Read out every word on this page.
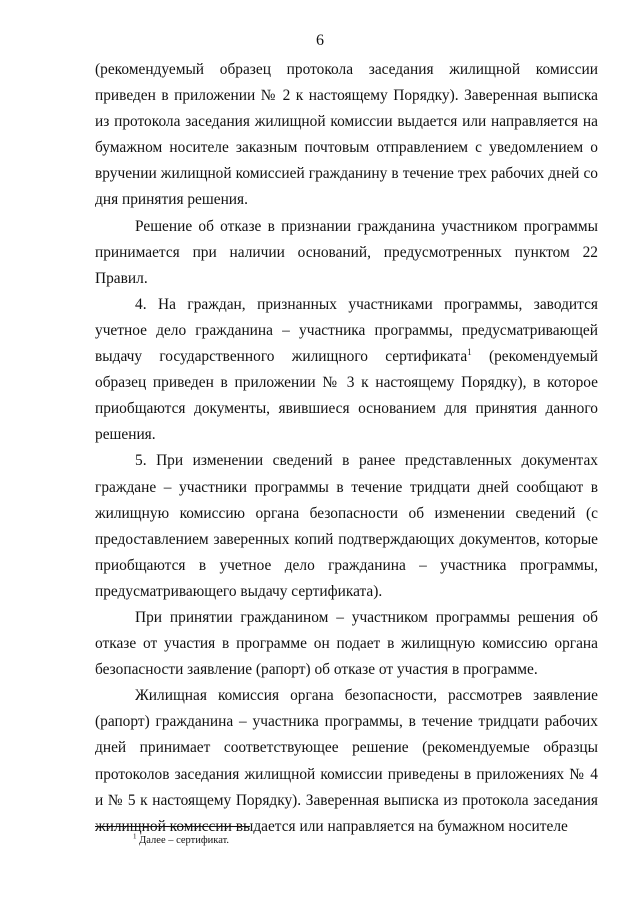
6

(рекомендуемый образец протокола заседания жилищной комиссии приведен в приложении № 2 к настоящему Порядку). Заверенная выписка из протокола заседания жилищной комиссии выдается или направляется на бумажном носителе заказным почтовым отправлением с уведомлением о вручении жилищной комиссией гражданину в течение трех рабочих дней со дня принятия решения.

Решение об отказе в признании гражданина участником программы принимается при наличии оснований, предусмотренных пунктом 22 Правил.

4. На граждан, признанных участниками программы, заводится учетное дело гражданина – участника программы, предусматривающей выдачу государственного жилищного сертификата$^1$ (рекомендуемый образец приведен в приложении № 3 к настоящему Порядку), в которое приобщаются документы, явившиеся основанием для принятия данного решения.

5. При изменении сведений в ранее представленных документах граждане – участники программы в течение тридцати дней сообщают в жилищную комиссию органа безопасности об изменении сведений (с предоставлением заверенных копий подтверждающих документов, которые приобщаются в учетное дело гражданина – участника программы, предусматривающего выдачу сертификата).

При принятии гражданином – участником программы решения об отказе от участия в программе он подает в жилищную комиссию органа безопасности заявление (рапорт) об отказе от участия в программе.

Жилищная комиссия органа безопасности, рассмотрев заявление (рапорт) гражданина – участника программы, в течение тридцати рабочих дней принимает соответствующее решение (рекомендуемые образцы протоколов заседания жилищной комиссии приведены в приложениях № 4 и № 5 к настоящему Порядку). Заверенная выписка из протокола заседания жилищной комиссии выдается или направляется на бумажном носителе

$^1$ Далее – сертификат.
